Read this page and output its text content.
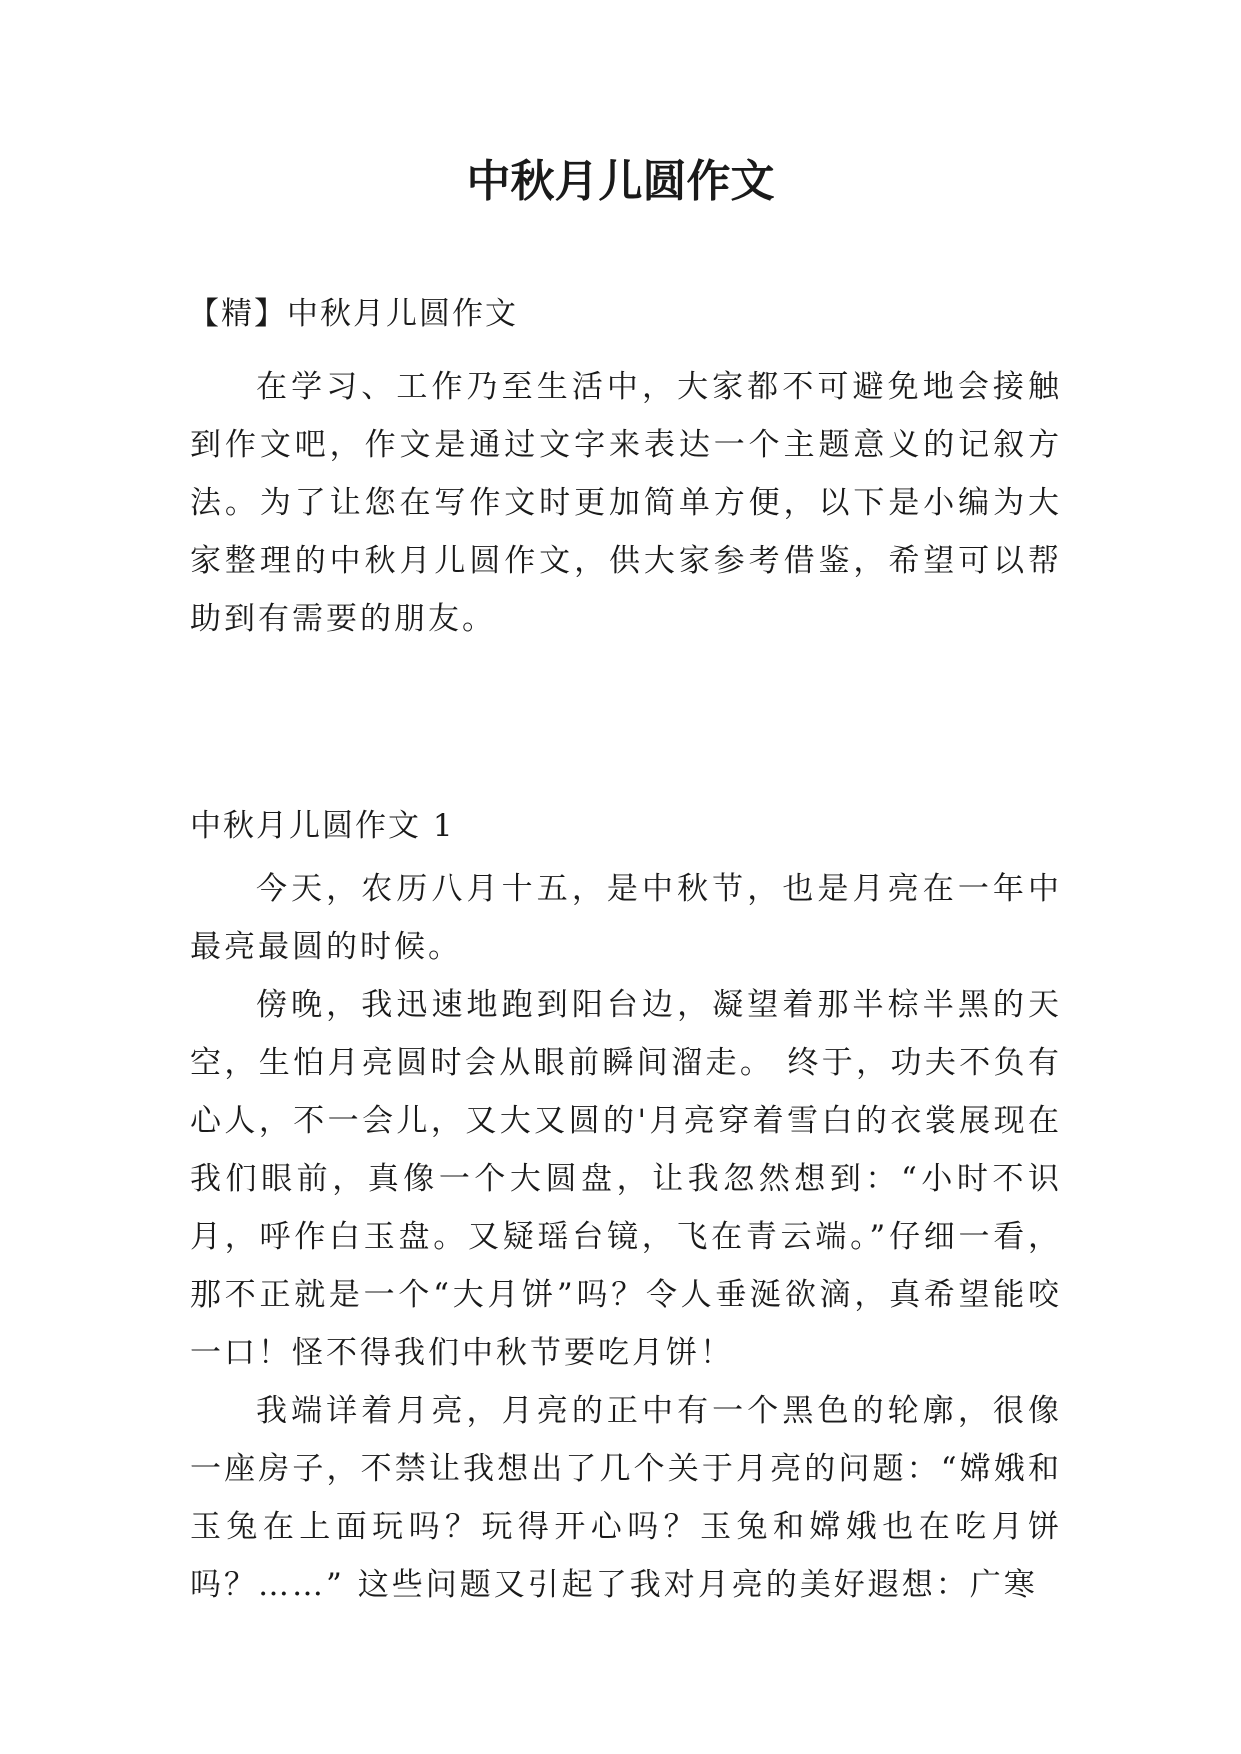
中秋月儿圆作文

【精】中秋月儿圆作文

在学习、工作乃至生活中，大家都不可避免地会接触到作文吧，作文是通过文字来表达一个主题意义的记叙方法。为了让您在写作文时更加简单方便，以下是小编为大家整理的中秋月儿圆作文，供大家参考借鉴，希望可以帮助到有需要的朋友。

中秋月儿圆作文 1

今天，农历八月十五，是中秋节，也是月亮在一年中最亮最圆的时候。

傍晚，我迅速地跑到阳台边，凝望着那半棕半黑的天空，生怕月亮圆时会从眼前瞬间溜走。 终于，功夫不负有心人，不一会儿，又大又圆的'月亮穿着雪白的衣裳展现在我们眼前，真像一个大圆盘，让我忽然想到：“小时不识月，呼作白玉盘。又疑瑶台镜，飞在青云端。”仔细一看，那不正就是一个“大月饼”吗？令人垂涎欲滴，真希望能咬一口！怪不得我们中秋节要吃月饼！

我端详着月亮，月亮的正中有一个黑色的轮廓，很像一座房子，不禁让我想出了几个关于月亮的问题：“嫦娥和玉兔在上面玩吗？玩得开心吗？玉兔和嫦娥也在吃月饼吗？……” 这些问题又引起了我对月亮的美好遐想：广寒
